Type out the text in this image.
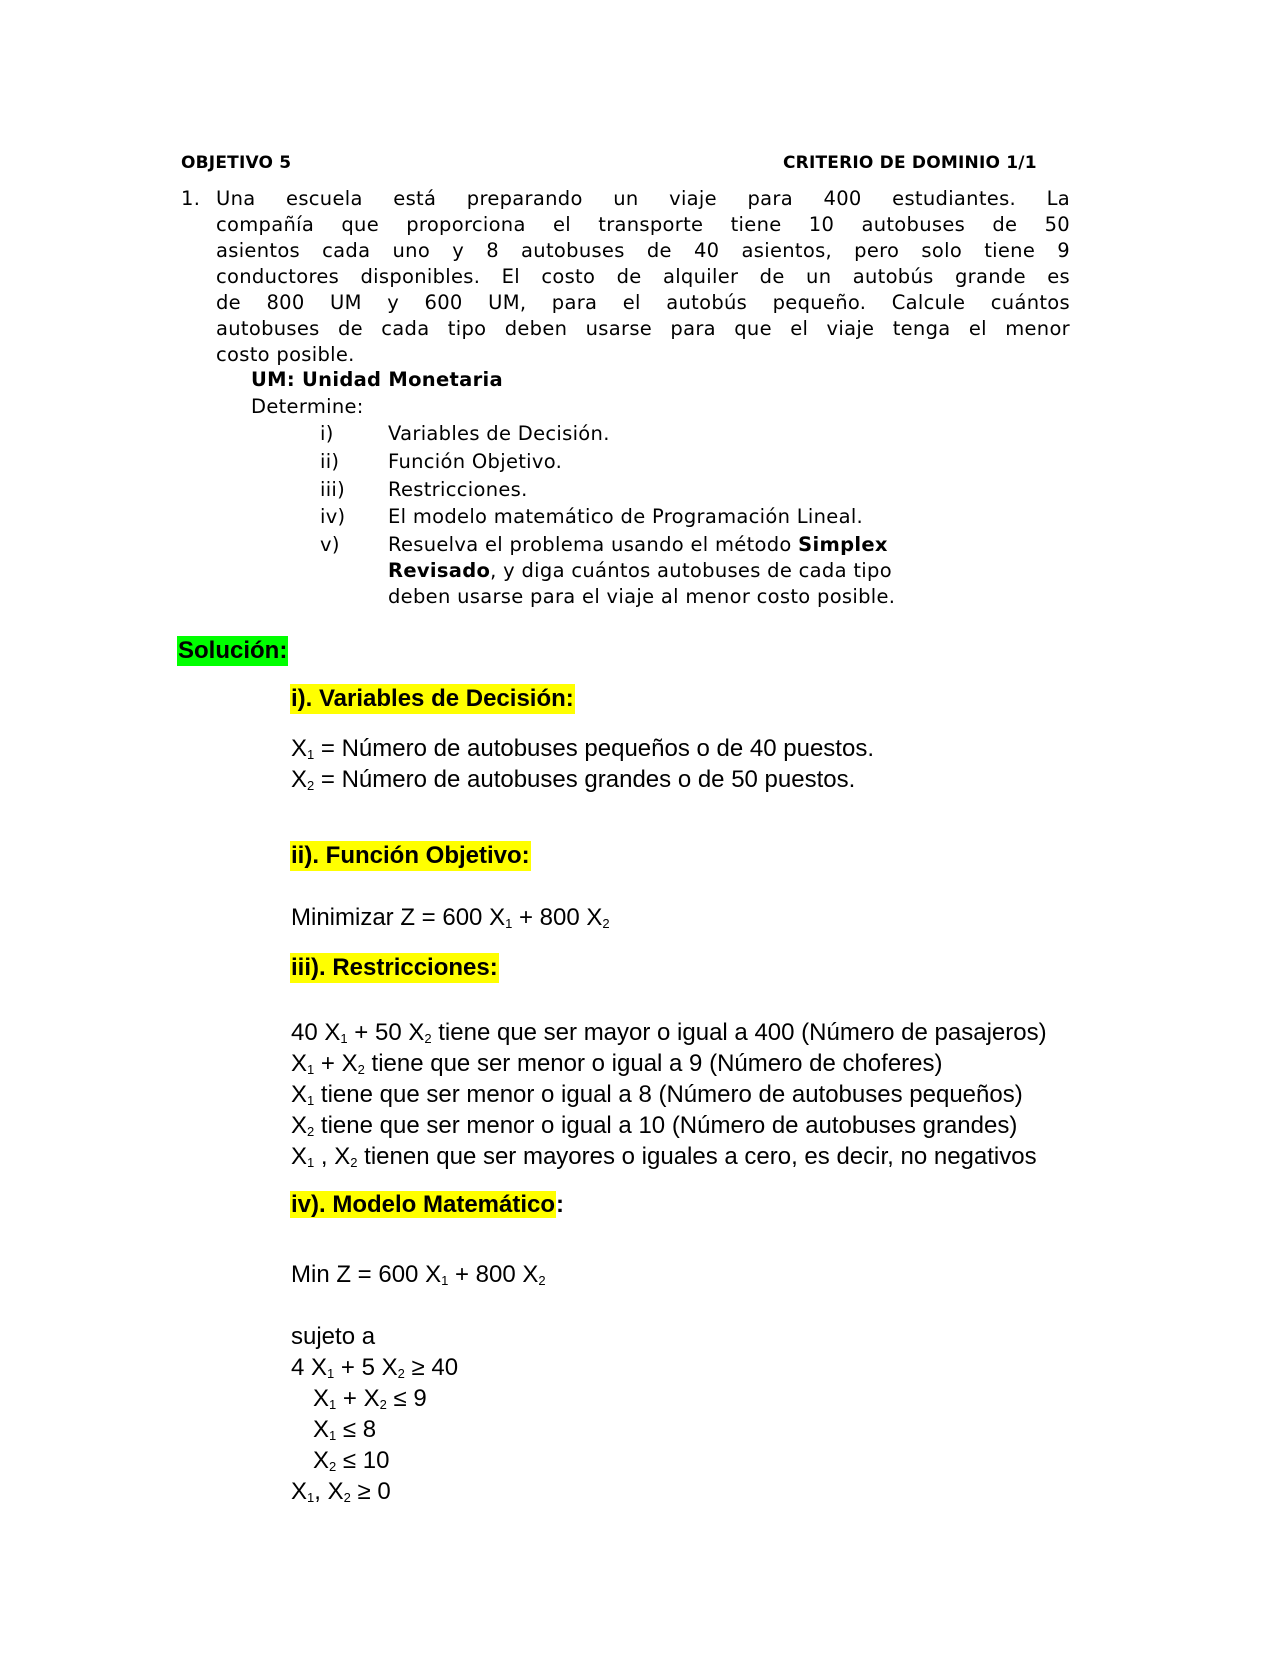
OBJETIVO 5	CRITERIO DE DOMINIO 1/1
1. Una escuela está preparando un viaje para 400 estudiantes. La
compañía que proporciona el transporte tiene 10 autobuses de 50
asientos cada uno y 8 autobuses de 40 asientos, pero solo tiene 9
conductores disponibles. El costo de alquiler de un autobús grande es
de 800 UM y 600 UM, para el autobús pequeño. Calcule cuántos
autobuses de cada tipo deben usarse para que el viaje tenga el menor
costo posible.
UM: Unidad Monetaria
Determine:
i)	Variables de Decisión.
ii) Función Objetivo.
iii) Restricciones.
iv) El modelo matemático de Programación Lineal.
v) Resuelva el problema usando el método Simplex
Revisado, y diga cuántos autobuses de cada tipo
deben usarse para el viaje al menor costo posible.
Solución:
i). Variables de Decisión:
$X_1$ = Número de autobuses pequeños o de 40 puestos.
$X_2$ = Número de autobuses grandes o de 50 puestos.
ii). Función Objetivo:
Minimizar Z = 600 $X_1 + 800$ $X_2$
iii). Restricciones:
40 $X_1 + 50$ $X_2$ tiene que ser mayor o igual a 400 (Número de pasajeros)
$X_1 + X_2$ tiene que ser menor o igual a 9 (Número de choferes)
$X_1$ tiene que ser menor o igual a 8 (Número de autobuses pequeños)
$X_2$ tiene que ser menor o igual a 10 (Número de autobuses grandes)
$X_1$ , $X_2$ tienen que ser mayores o iguales a cero, es decir, no negativos
iv). Modelo Matemático:
Min Z = 600 $X_1 + 800$ $X_2$
sujeto a
4 $X_1 + 5$ $X_2 \ge 40$
$X_1 + X_2 \le 9$
$X_1 \le 8$
$X_2 \le 10$
$X_1$, $X_2 \ge 0$
